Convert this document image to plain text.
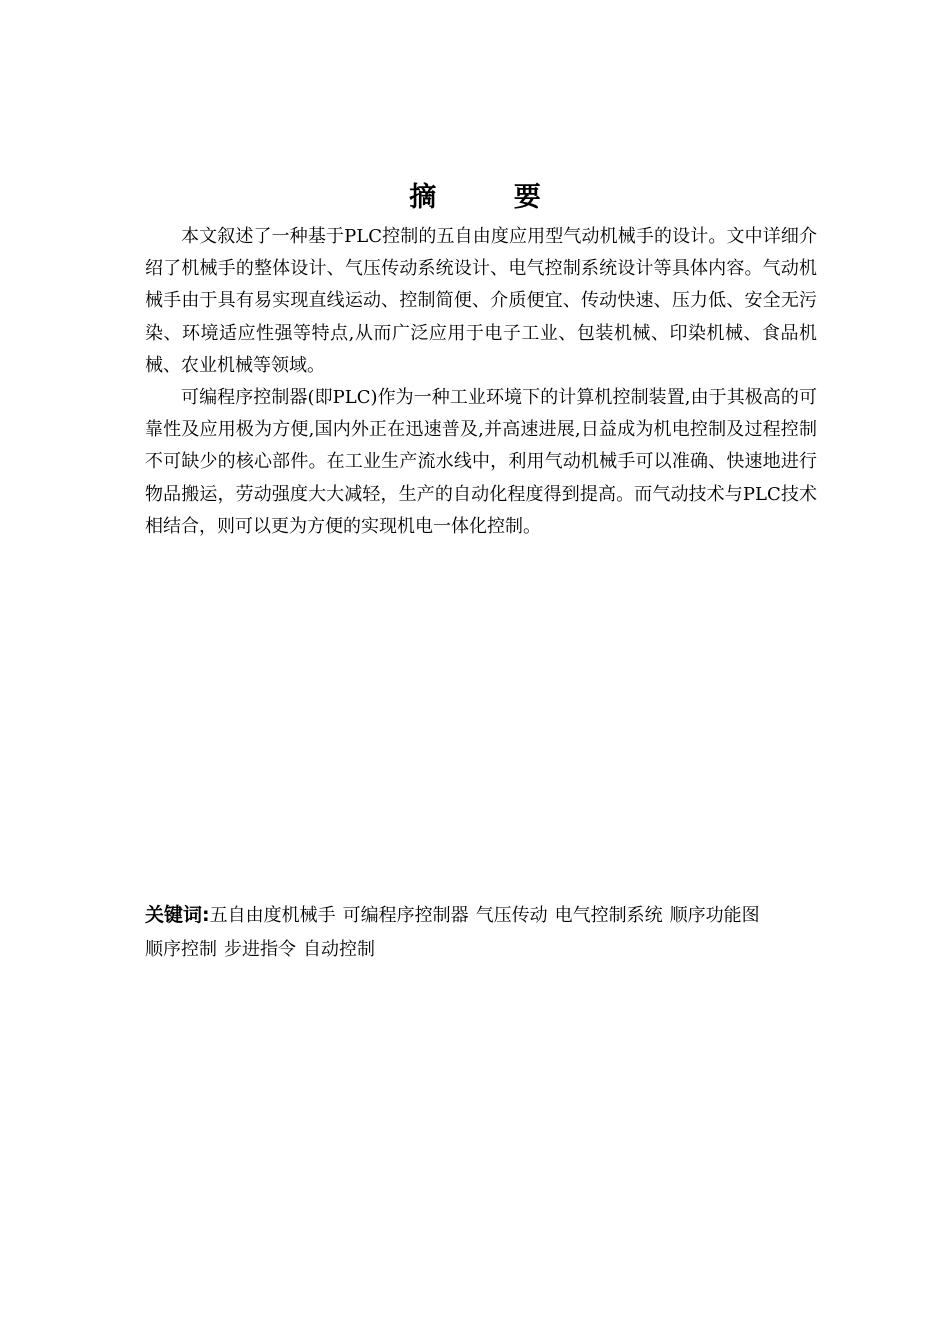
摘 要

本文叙述了一种基于PLC控制的五自由度应用型气动机械手的设计。文中详细介绍了机械手的整体设计、气压传动系统设计、电气控制系统设计等具体内容。气动机械手由于具有易实现直线运动、控制简便、介质便宜、传动快速、压力低、安全无污染、环境适应性强等特点,从而广泛应用于电子工业、包装机械、印染机械、食品机械、农业机械等领域。

可编程序控制器(即PLC)作为一种工业环境下的计算机控制装置,由于其极高的可靠性及应用极为方便,国内外正在迅速普及,并高速进展,日益成为机电控制及过程控制不可缺少的核心部件。在工业生产流水线中，利用气动机械手可以准确、快速地进行物品搬运，劳动强度大大减轻，生产的自动化程度得到提高。而气动技术与PLC技术相结合，则可以更为方便的实现机电一体化控制。

关键词:五自由度机械手 可编程序控制器 气压传动 电气控制系统 顺序功能图
顺序控制 步进指令 自动控制
